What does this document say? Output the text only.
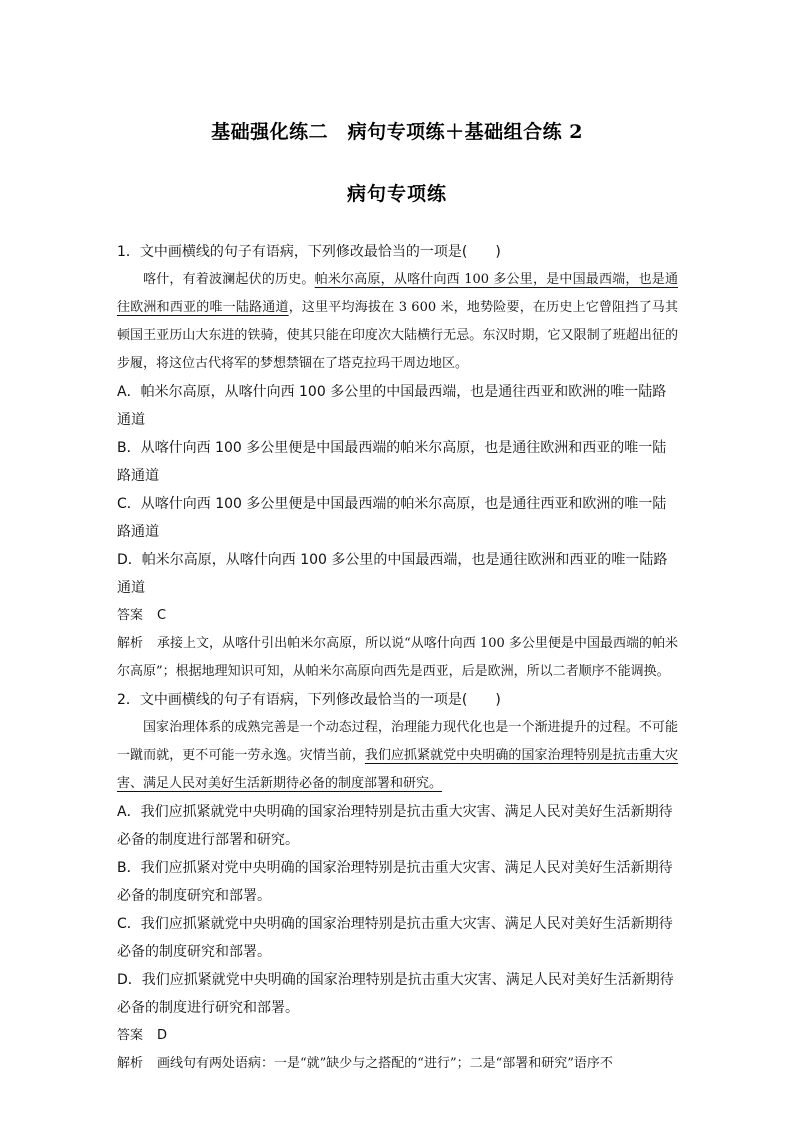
基础强化练二　病句专项练＋基础组合练 2
病句专项练

1．文中画横线的句子有语病，下列修改最恰当的一项是(　　)

喀什，有着波澜起伏的历史。帕米尔高原，从喀什向西 100 多公里，是中国最西端，也是通往欧洲和西亚的唯一陆路通道，这里平均海拔在 3 600 米，地势险要，在历史上它曾阻挡了马其顿国王亚历山大东进的铁骑，使其只能在印度次大陆横行无忌。东汉时期，它又限制了班超出征的步履，将这位古代将军的梦想禁锢在了塔克拉玛干周边地区。

A．帕米尔高原，从喀什向西 100 多公里的中国最西端，也是通往西亚和欧洲的唯一陆路通道

B．从喀什向西 100 多公里便是中国最西端的帕米尔高原，也是通往欧洲和西亚的唯一陆路通道

C．从喀什向西 100 多公里便是中国最西端的帕米尔高原，也是通往西亚和欧洲的唯一陆路通道

D．帕米尔高原，从喀什向西 100 多公里的中国最西端，也是通往欧洲和西亚的唯一陆路通道

答案 C

解析 承接上文，从喀什引出帕米尔高原，所以说“从喀什向西 100 多公里便是中国最西端的帕米尔高原”；根据地理知识可知，从帕米尔高原向西先是西亚，后是欧洲，所以二者顺序不能调换。

2．文中画横线的句子有语病，下列修改最恰当的一项是(　　)

国家治理体系的成熟完善是一个动态过程，治理能力现代化也是一个渐进提升的过程。不可能一蹴而就，更不可能一劳永逸。灾情当前，我们应抓紧就党中央明确的国家治理特别是抗击重大灾害、满足人民对美好生活新期待必备的制度部署和研究。

A．我们应抓紧就党中央明确的国家治理特别是抗击重大灾害、满足人民对美好生活新期待必备的制度进行部署和研究。

B．我们应抓紧对党中央明确的国家治理特别是抗击重大灾害、满足人民对美好生活新期待必备的制度研究和部署。

C．我们应抓紧就党中央明确的国家治理特别是抗击重大灾害、满足人民对美好生活新期待必备的制度研究和部署。

D．我们应抓紧就党中央明确的国家治理特别是抗击重大灾害、满足人民对美好生活新期待必备的制度进行研究和部署。

答案 D

解析 画线句有两处语病：一是“就”缺少与之搭配的“进行”；二是“部署和研究”语序不
